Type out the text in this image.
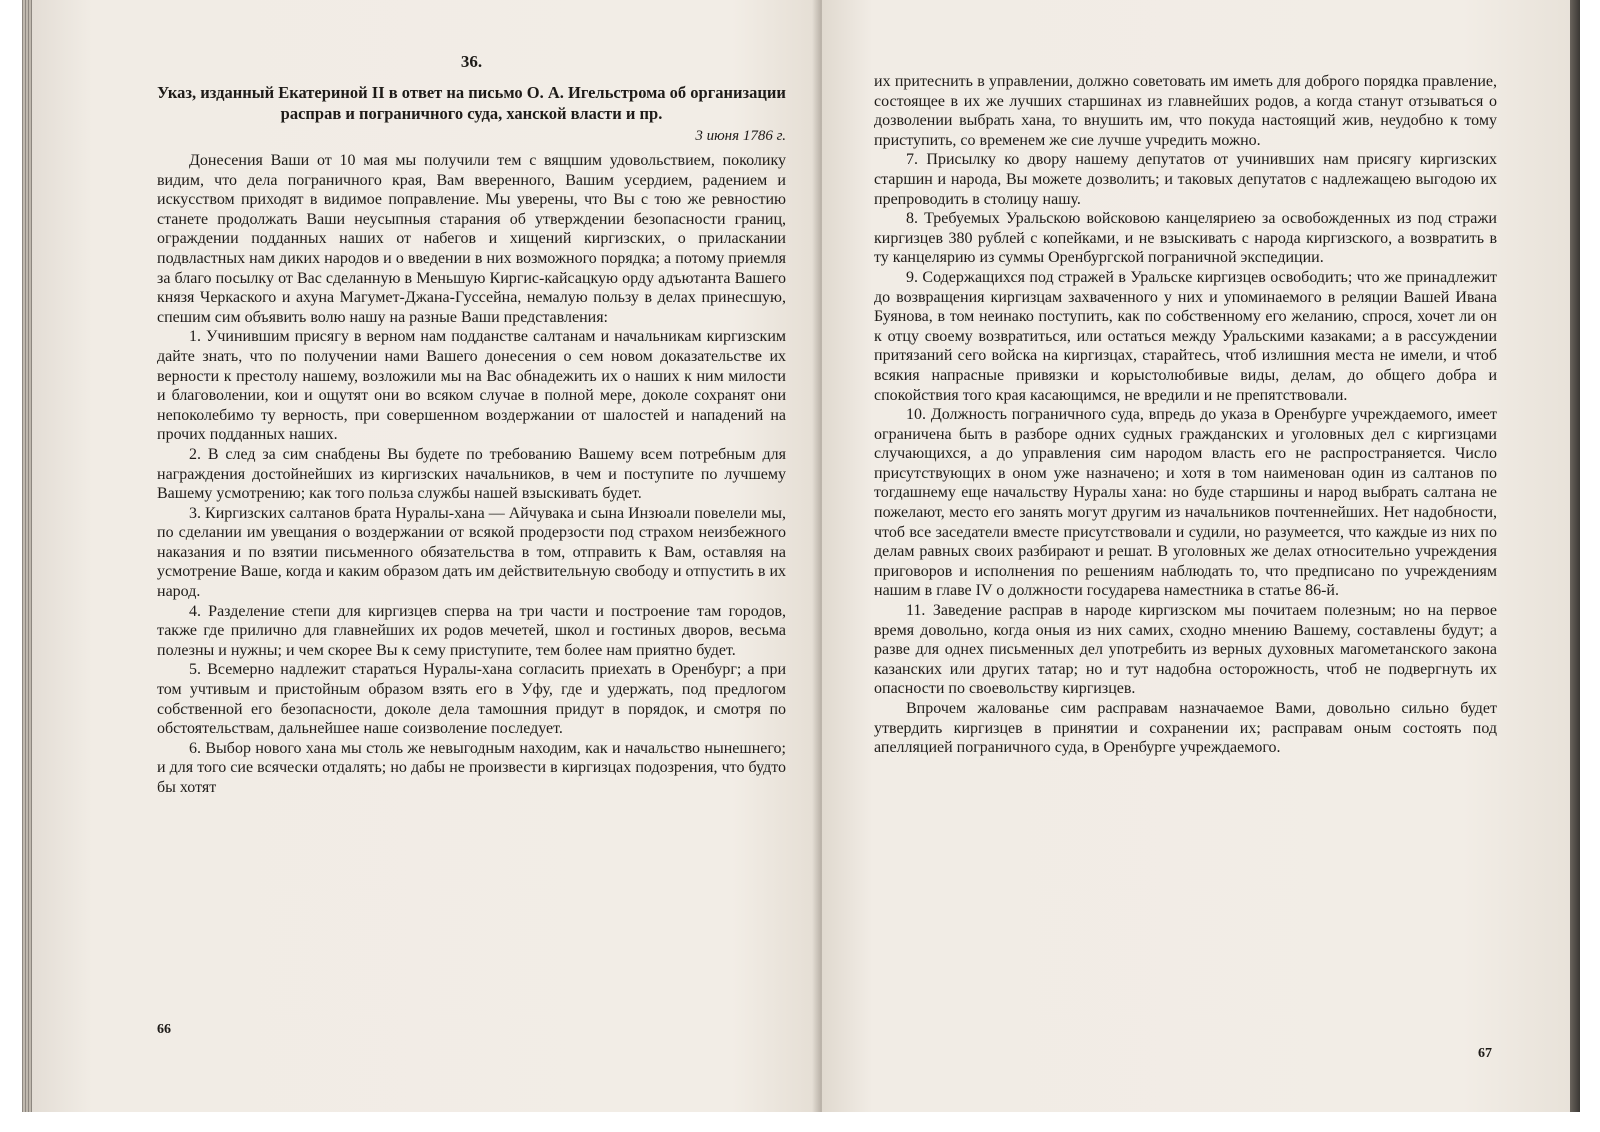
36.
Указ, изданный Екатериной II в ответ на письмо О. А. Игельстрома об организации расправ и пограничного суда, ханской власти и пр.
3 июня 1786 г.

Донесения Ваши от 10 мая мы получили тем с вящшим удовольствием, поколику видим, что дела пограничного края, Вам вверенного, Вашим усердием, радением и искусством приходят в видимое поправление. Мы уверены, что Вы с тою же ревностию станете продолжать Ваши неусыпныя старания об утверждении безопасности границ, ограждении подданных наших от набегов и хищений киргизских, о приласкании подвластных нам диких народов и о введении в них возможного порядка; а потому приемля за благо посылку от Вас сделанную в Меньшую Киргис-кайсацкую орду адъютанта Вашего князя Черкаского и ахуна Магумет-Джана-Гуссейна, немалую пользу в делах принесшую, спешим сим объявить волю нашу на разные Ваши представления:

1. Учинившим присягу в верном нам подданстве салтанам и начальникам киргизским дайте знать, что по получении нами Вашего донесения о сем новом доказательстве их верности к престолу нашему, возложили мы на Вас обнадежить их о наших к ним милости и благоволении, кои и ощутят они во всяком случае в полной мере, доколе сохранят они непоколебимо ту верность, при совершенном воздержании от шалостей и нападений на прочих подданных наших.

2. В след за сим снабдены Вы будете по требованию Вашему всем потребным для награждения достойнейших из киргизских начальников, в чем и поступите по лучшему Вашему усмотрению; как того польза службы нашей взыскивать будет.

3. Киргизских салтанов брата Нуралы-хана — Айчувака и сына Инзюали повелели мы, по сделании им увещания о воздержании от всякой продерзости под страхом неизбежного наказания и по взятии письменного обязательства в том, отправить к Вам, оставляя на усмотрение Ваше, когда и каким образом дать им действительную свободу и отпустить в их народ.

4. Разделение степи для киргизцев сперва на три части и построение там городов, также где прилично для главнейших их родов мечетей, школ и гостиных дворов, весьма полезны и нужны; и чем скорее Вы к сему приступите, тем более нам приятно будет.

5. Всемерно надлежит стараться Нуралы-хана согласить приехать в Оренбург; а при том учтивым и пристойным образом взять его в Уфу, где и удержать, под предлогом собственной его безопасности, доколе дела тамошния придут в порядок, и смотря по обстоятельствам, дальнейшее наше соизволение последует.

6. Выбор нового хана мы столь же невыгодным находим, как и начальство нынешнего; и для того сие всячески отдалять; но дабы не произвести в киргизцах подозрения, что будто бы хотят

66

их притеснить в управлении, должно советовать им иметь для доброго порядка правление, состоящее в их же лучших старшинах из главнейших родов, а когда станут отзываться о дозволении выбрать хана, то внушить им, что покуда настоящий жив, неудобно к тому приступить, со временем же сие лучше учредить можно.

7. Присылку ко двору нашему депутатов от учинивших нам присягу киргизских старшин и народа, Вы можете дозволить; и таковых депутатов с надлежащею выгодою их препроводить в столицу нашу.

8. Требуемых Уральскою войсковою канцеляриею за освобожденных из под стражи киргизцев 380 рублей с копейками, и не взыскивать с народа киргизского, а возвратить в ту канцелярию из суммы Оренбургской пограничной экспедиции.

9. Содержащихся под стражей в Уральске киргизцев освободить; что же принадлежит до возвращения киргизцам захваченного у них и упоминаемого в реляции Вашей Ивана Буянова, в том неинако поступить, как по собственному его желанию, спрося, хочет ли он к отцу своему возвратиться, или остаться между Уральскими казаками; а в рассуждении притязаний сего войска на киргизцах, старайтесь, чтоб излишния места не имели, и чтоб всякия напрасные привязки и корыстолюбивые виды, делам, до общего добра и спокойствия того края касающимся, не вредили и не препятствовали.

10. Должность пограничного суда, впредь до указа в Оренбурге учреждаемого, имеет ограничена быть в разборе одних судных гражданских и уголовных дел с киргизцами случающихся, а до управления сим народом власть его не распространяется. Число присутствующих в оном уже назначено; и хотя в том наименован один из салтанов по тогдашнему еще начальству Нуралы хана: но буде старшины и народ выбрать салтана не пожелают, место его занять могут другим из начальников почтеннейших. Нет надобности, чтоб все заседатели вместе присутствовали и судили, но разумеется, что каждые из них по делам равных своих разбирают и решат. В уголовных же делах относительно учреждения приговоров и исполнения по решениям наблюдать то, что предписано по учреждениям нашим в главе IV о должности государева наместника в статье 86-й.

11. Заведение расправ в народе киргизском мы почитаем полезным; но на первое время довольно, когда оныя из них самих, сходно мнению Вашему, составлены будут; а разве для однех письменных дел употребить из верных духовных магометанского закона казанских или других татар; но и тут надобна осторожность, чтоб не подвергнуть их опасности по своевольству киргизцев.

Впрочем жалованье сим расправам назначаемое Вами, довольно сильно будет утвердить киргизцев в принятии и сохранении их; расправам оным состоять под апелляцией пограничного суда, в Оренбурге учреждаемого.

67
